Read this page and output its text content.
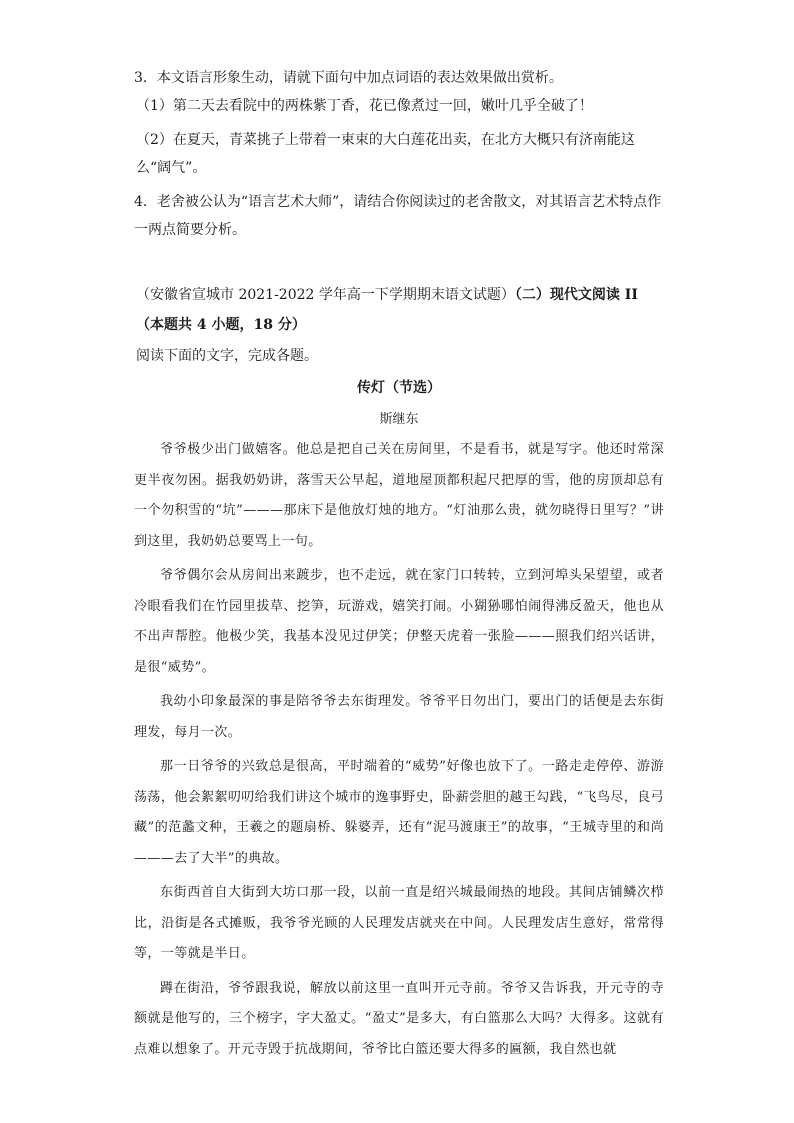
3．本文语言形象生动，请就下面句中加点词语的表达效果做出赏析。
（1）第二天去看院中的两株紫丁香，花已像煮过一回，嫩叶几乎全破了！
（2）在夏天，青菜挑子上带着一束束的大白莲花出卖，在北方大概只有济南能这么“阔气”。
4．老舍被公认为“语言艺术大师”，请结合你阅读过的老舍散文，对其语言艺术特点作一两点简要分析。
（安徽省宣城市 2021-2022 学年高一下学期期末语文试题）（二）现代文阅读 II（本题共 4 小题，18 分）
阅读下面的文字，完成各题。
传灯（节选）
斯继东

爷爷极少出门做嬉客。他总是把自己关在房间里，不是看书，就是写字。他还时常深更半夜勿困。据我奶奶讲，落雪天公早起，道地屋顶都积起尺把厚的雪，他的房顶却总有一个勿积雪的“坑”———那床下是他放灯烛的地方。“灯油那么贵，就勿晓得日里写？”讲到这里，我奶奶总要骂上一句。

爷爷偶尔会从房间出来踱步，也不走远，就在家门口转转，立到河埠头呆望望，或者冷眼看我们在竹园里拔草、挖笋，玩游戏，嬉笑打闹。小猢狲哪怕闹得沸反盈天，他也从不出声帮腔。他极少笑，我基本没见过伊笑；伊整天虎着一张脸———照我们绍兴话讲，是很“威势”。

我幼小印象最深的事是陪爷爷去东街理发。爷爷平日勿出门，要出门的话便是去东街理发，每月一次。

那一日爷爷的兴致总是很高，平时端着的“威势”好像也放下了。一路走走停停、游游荡荡，他会絮絮叨叨给我们讲这个城市的逸事野史，卧薪尝胆的越王勾践，“飞鸟尽，良弓藏”的范蠡文种，王羲之的题扇桥、躲婆弄，还有“泥马渡康王”的故事，“王城寺里的和尚———去了大半”的典故。

东街西首自大街到大坊口那一段，以前一直是绍兴城最闹热的地段。其间店铺鳞次栉比，沿街是各式摊贩，我爷爷光顾的人民理发店就夹在中间。人民理发店生意好，常常得等，一等就是半日。

蹲在街沿，爷爷跟我说，解放以前这里一直叫开元寺前。爷爷又告诉我，开元寺的寺额就是他写的，三个榜字，字大盈丈。“盈丈”是多大，有白篮那么大吗？大得多。这就有点难以想象了。开元寺毁于抗战期间，爷爷比白篮还要大得多的匾额，我自然也就
